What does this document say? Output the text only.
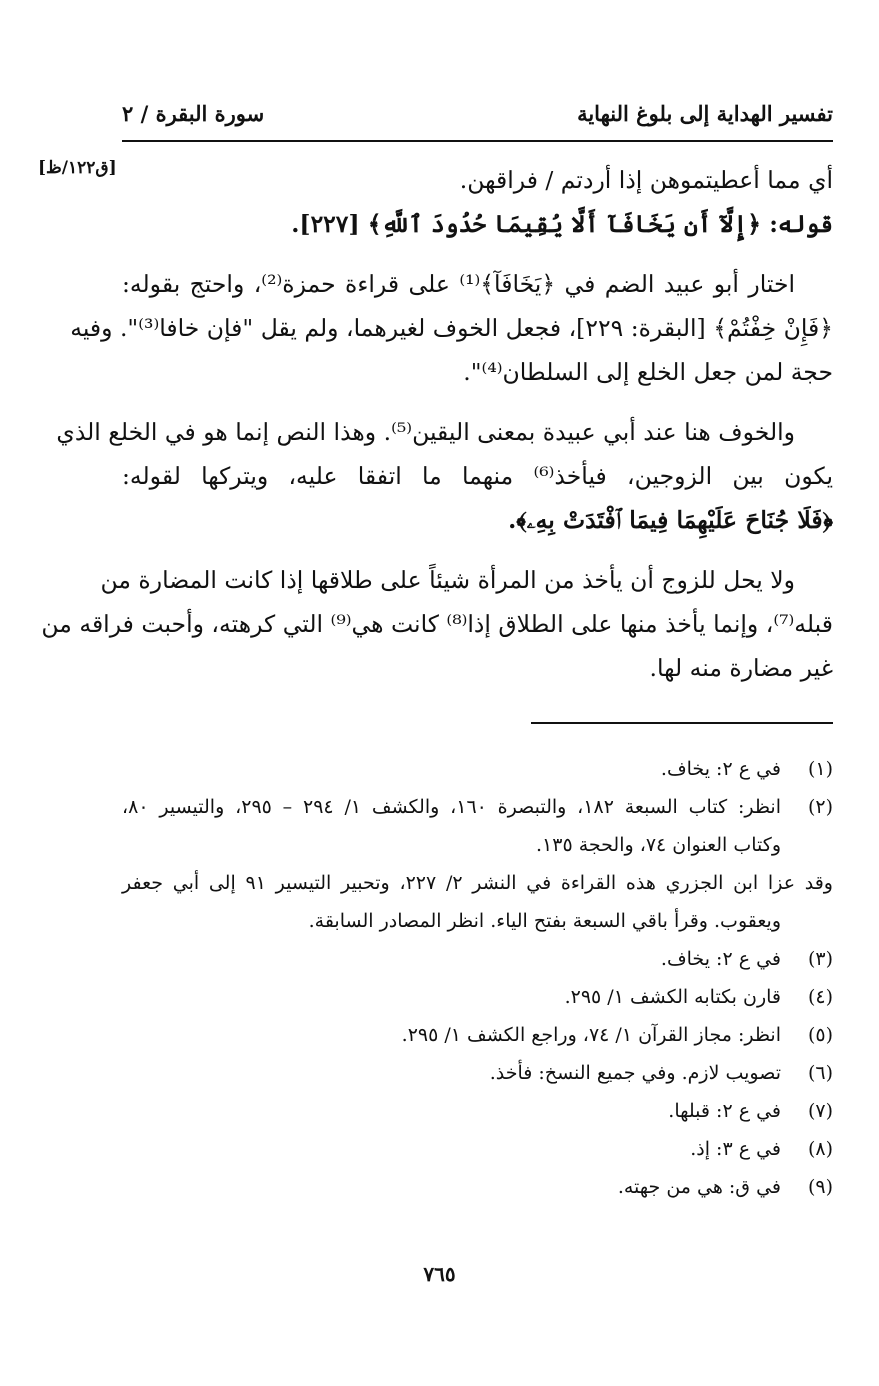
تفسير الهداية إلى بلوغ النهاية
سورة البقرة / ٢
[ق١٢٢/ظ]	أي مما أعطيتموهن إذا أردتم / فراقهن.
قوله: ﴿إِلَّآ أَن يَخَافَآ أَلَّا يُقِيمَا حُدُودَ ٱللَّهِ﴾ [٢٢٧].
اختار أبو عبيد الضم في ﴿يَخَافَآ﴾⁽¹⁾ على قراءة حمزة⁽²⁾، واحتج بقوله:
﴿فَإِنْ خِفْتُمْ﴾ [البقرة: ٢٢٩]، فجعل الخوف لغيرهما، ولم يقل "فإن خافا⁽³⁾". وفيه
حجة لمن جعل الخلع إلى السلطان⁽⁴⁾".
والخوف هنا عند أبي عبيدة بمعنى اليقين⁽⁵⁾. وهذا النص إنما هو في الخلع الذي
يكون بين الزوجين، فيأخذ⁽⁶⁾ منهما ما اتفقا عليه، ويتركها لقوله:
﴿فَلَا جُنَاحَ عَلَيْهِمَا فِيمَا ٱفْتَدَتْ بِهِۦ﴾.
ولا يحل للزوج أن يأخذ من المرأة شيئاً على طلاقها إذا كانت المضارة من
قبله⁽⁷⁾، وإنما يأخذ منها على الطلاق إذا⁽⁸⁾ كانت هي⁽⁹⁾ التي كرهته، وأحبت فراقه من
غير مضارة منه لها.
(١)
في ع ٢: يخاف.
(٢)
انظر: كتاب السبعة ١٨٢، والتبصرة ١٦٠، والكشف ١/ ٢٩٤ – ٢٩٥، والتيسير ٨٠،
وكتاب العنوان ٧٤، والحجة ١٣٥.
وقد عزا ابن الجزري هذه القراءة في النشر ٢/ ٢٢٧، وتحبير التيسير ٩١ إلى أبي جعفر
ويعقوب. وقرأ باقي السبعة بفتح الياء. انظر المصادر السابقة.
(٣)
في ع ٢: يخاف.
(٤)
قارن بكتابه الكشف ١/ ٢٩٥.
(٥)
انظر: مجاز القرآن ١/ ٧٤، وراجع الكشف ١/ ٢٩٥.
(٦)
تصويب لازم. وفي جميع النسخ: فأخذ.
(٧)
في ع ٢: قبلها.
(٨)
في ع ٣: إذ.
(٩)
في ق: هي من جهته.
٧٦٥
